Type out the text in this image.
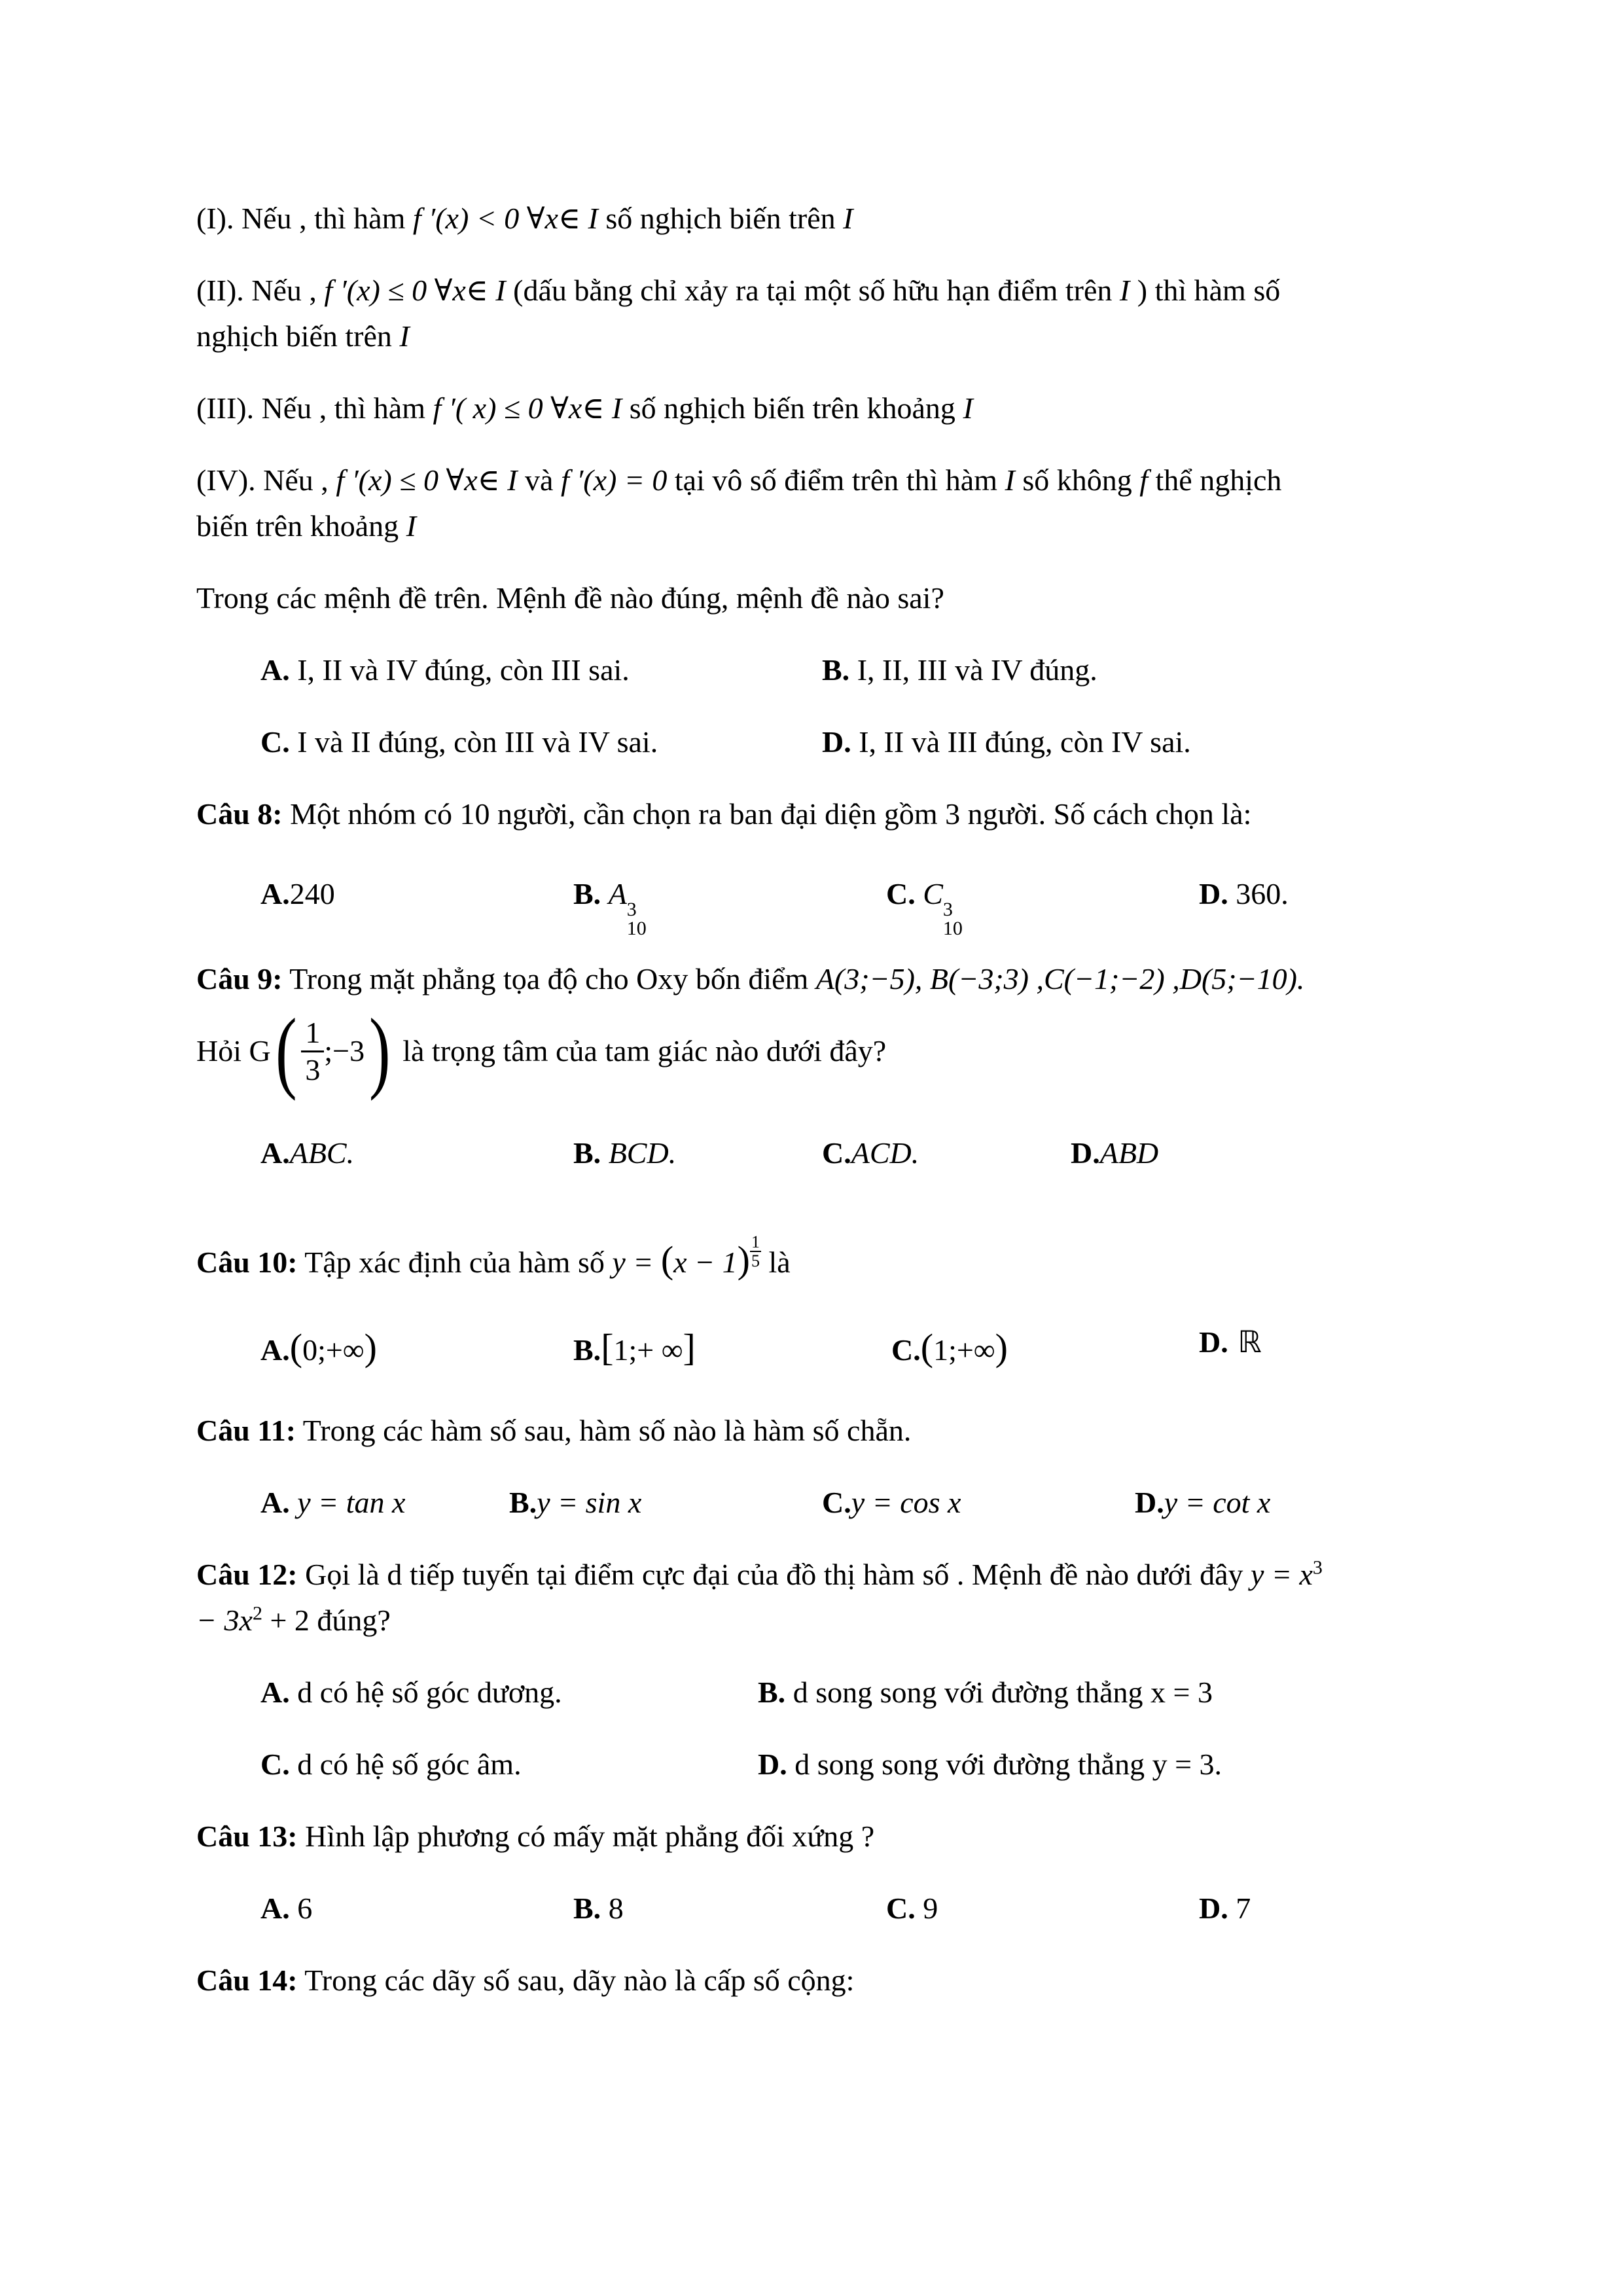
(I). Nếu , thì hàm f ′(x) < 0 ∀x∈ I số nghịch biến trên I
(II). Nếu , f ′(x) ≤ 0 ∀x∈ I (dấu bằng chỉ xảy ra tại một số hữu hạn điểm trên I ) thì hàm số
nghịch biến trên I
(III). Nếu , thì hàm f ′( x) ≤ 0 ∀x∈ I số nghịch biến trên khoảng I
(IV). Nếu , f ′(x) ≤ 0 ∀x∈ I và f ′(x) = 0 tại vô số điểm trên thì hàm I số không f thể nghịch
biến trên khoảng I
Trong các mệnh đề trên. Mệnh đề nào đúng, mệnh đề nào sai?
A. I, II và IV đúng, còn III sai.	B. I, II, III và IV đúng.
C. I và II đúng, còn III và IV sai.	D. I, II và III đúng, còn IV sai.
Câu 8: Một nhóm có 10 người, cần chọn ra ban đại diện gồm 3 người. Số cách chọn là:
A.240	B. A 3
10
C. C 3
10
D. 360.
Câu 9: Trong mặt phẳng tọa độ cho Oxy bốn điểm A(3;−5), B(−3;3) ,C(−1;−2) ,D(5;−10).
Hỏi $G( \frac{1}{3}$ ;−3) là trọng tâm của tam giác nào dưới đây?
A.ABC.	B. BCD.	C.ACD.	D.ABD
Câu 10: Tập xác định của hàm số $y = (x - 1) \frac{1}{5}$ là
A.(0;+∞)	B.[1;+ ∞]	C.(1;+∞)	D. ℝ
Câu 11: Trong các hàm số sau, hàm số nào là hàm số chẵn.
A. y = tan x	B.y = sin x	C.y = cos x	D.y = cot x
Câu 12: Gọi là d tiếp tuyến tại điểm cực đại của đồ thị hàm số . Mệnh đề nào dưới đây $y = x^3$
− $3x^2 + 2$ đúng?
A. d có hệ số góc dương.	B. d song song với đường thẳng x = 3
C. d có hệ số góc âm.	D. d song song với đường thẳng y = 3.
Câu 13: Hình lập phương có mấy mặt phẳng đối xứng ?
A. 6	B. 8	C. 9	D. 7
Câu 14: Trong các dãy số sau, dãy nào là cấp số cộng:
